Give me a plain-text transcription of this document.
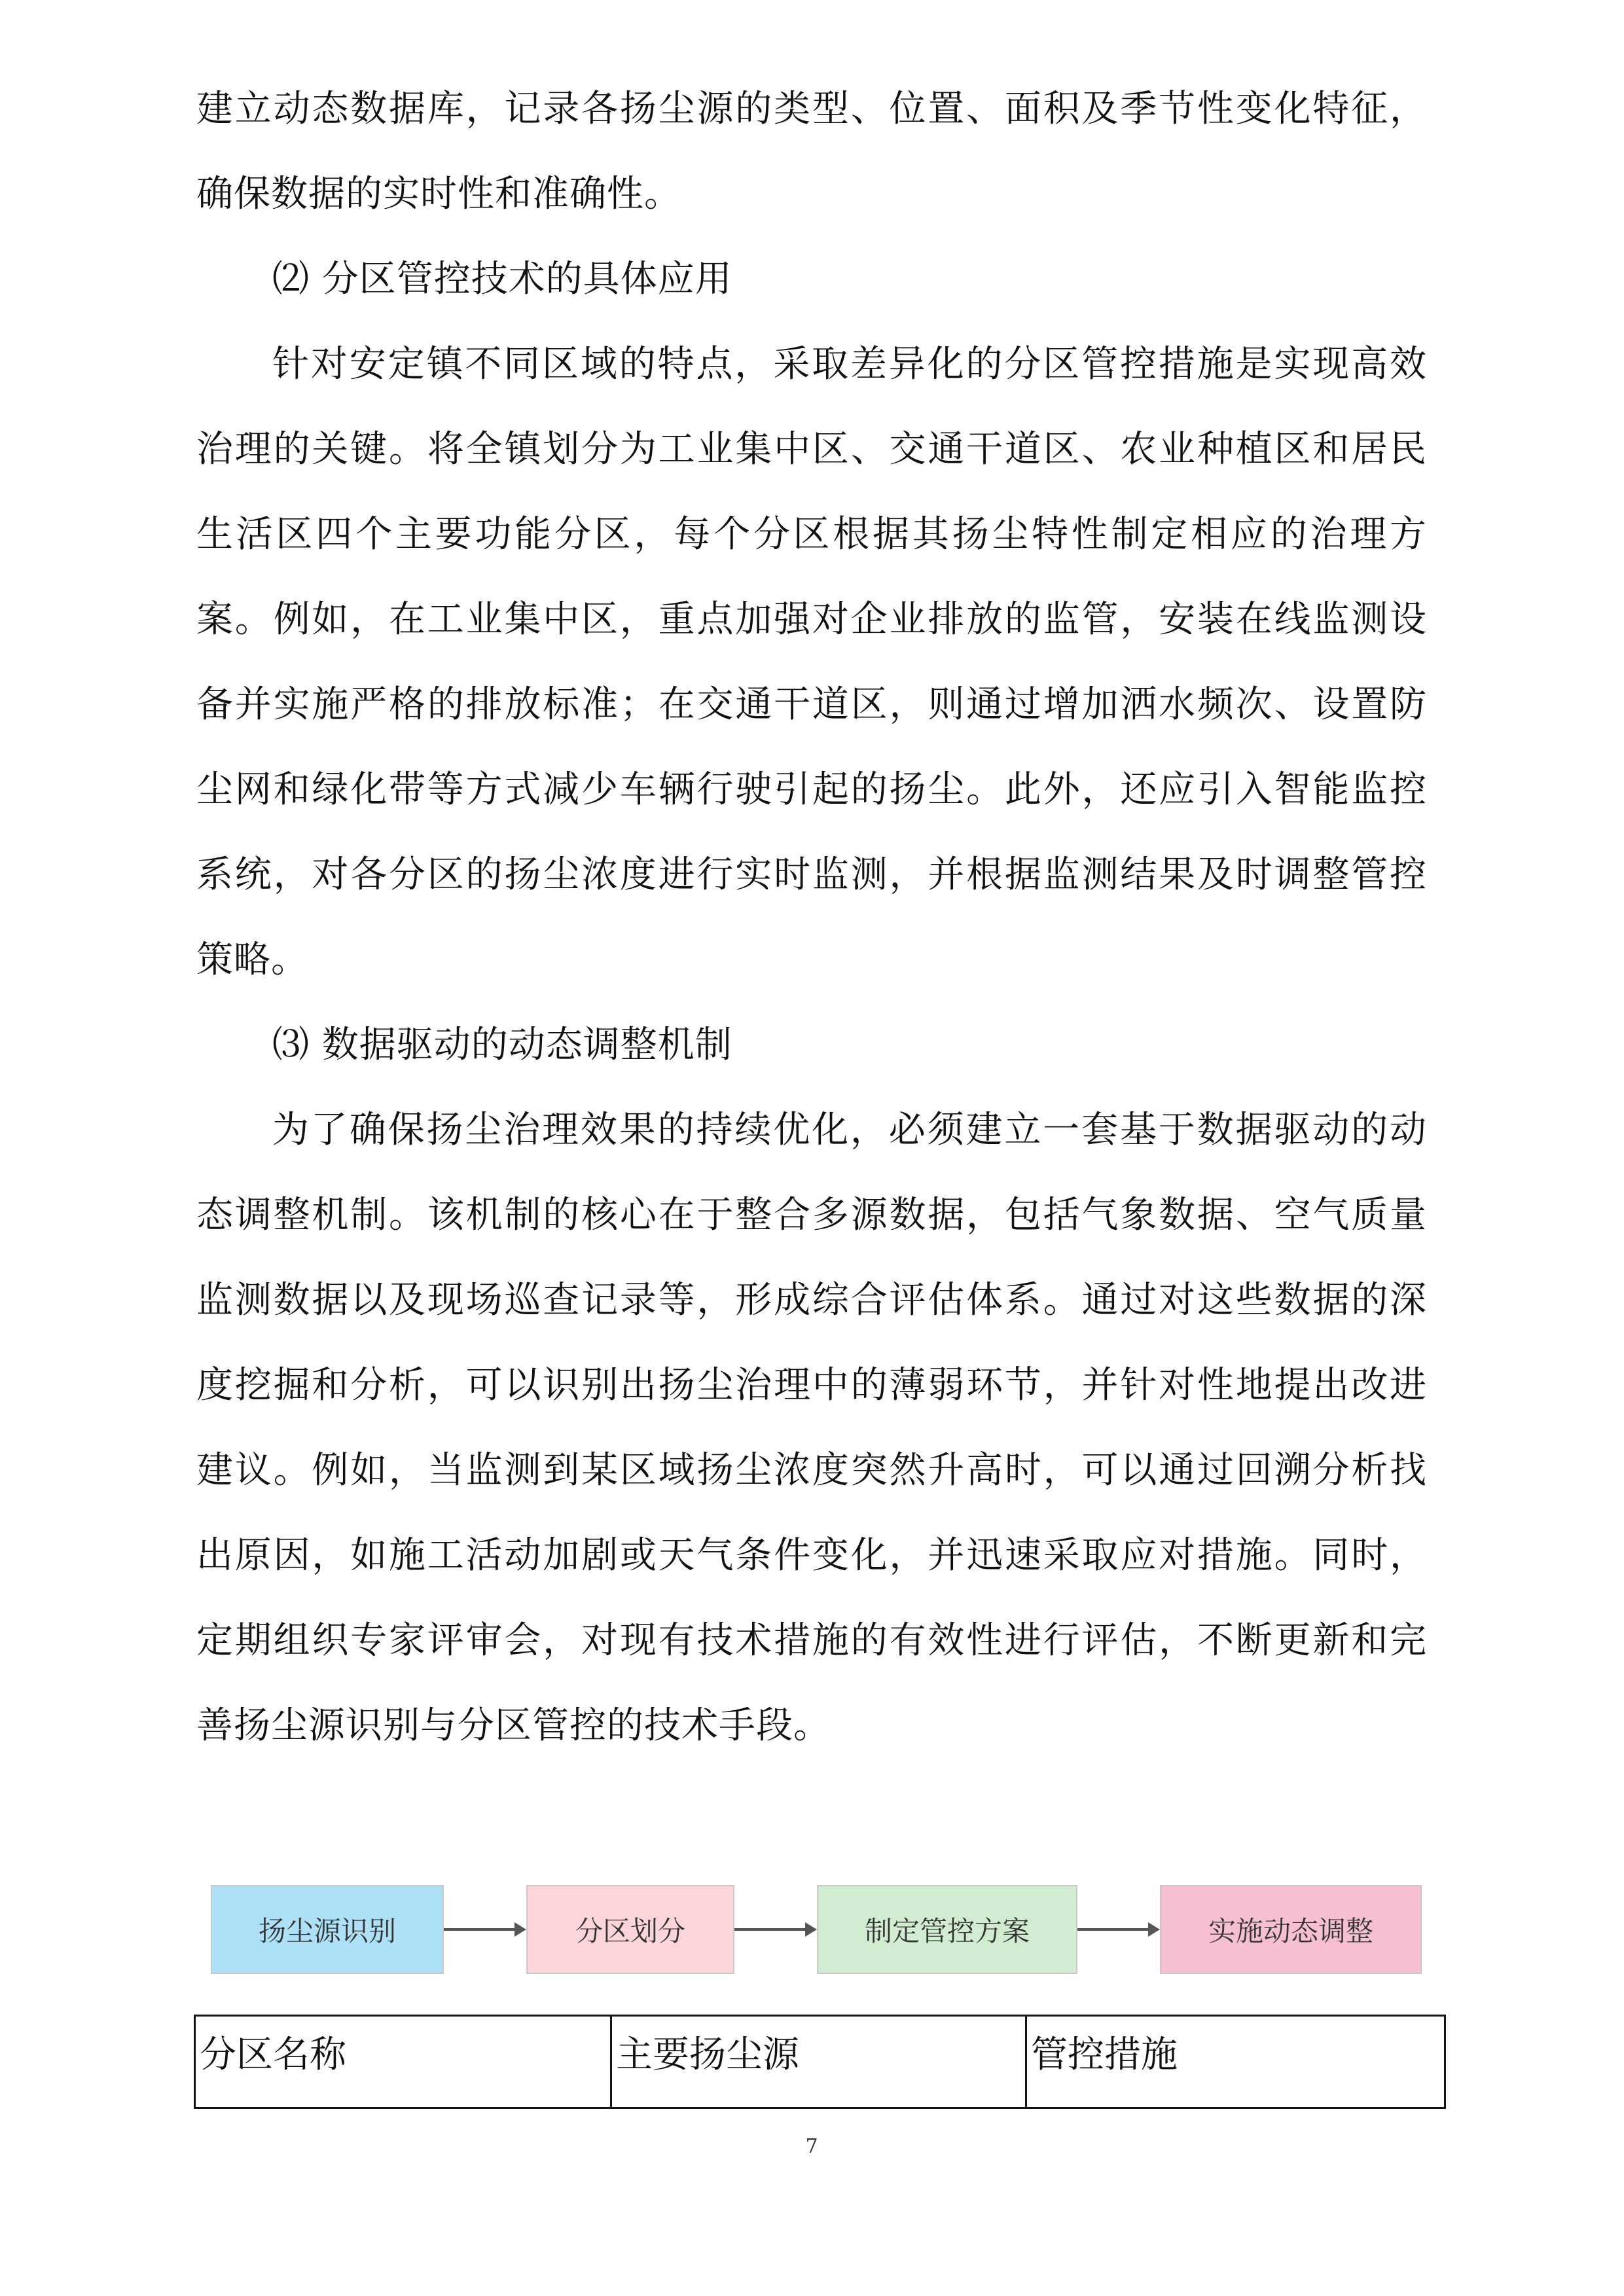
建立动态数据库，记录各扬尘源的类型、位置、面积及季节性变化特征，
确保数据的实时性和准确性。
⑵ 分区管控技术的具体应用
针对安定镇不同区域的特点，采取差异化的分区管控措施是实现高效
治理的关键。将全镇划分为工业集中区、交通干道区、农业种植区和居民
生活区四个主要功能分区，每个分区根据其扬尘特性制定相应的治理方
案。例如，在工业集中区，重点加强对企业排放的监管，安装在线监测设
备并实施严格的排放标准；在交通干道区，则通过增加洒水频次、设置防
尘网和绿化带等方式减少车辆行驶引起的扬尘。此外，还应引入智能监控
系统，对各分区的扬尘浓度进行实时监测，并根据监测结果及时调整管控
策略。
⑶ 数据驱动的动态调整机制
为了确保扬尘治理效果的持续优化，必须建立一套基于数据驱动的动
态调整机制。该机制的核心在于整合多源数据，包括气象数据、空气质量
监测数据以及现场巡查记录等，形成综合评估体系。通过对这些数据的深
度挖掘和分析，可以识别出扬尘治理中的薄弱环节，并针对性地提出改进
建议。例如，当监测到某区域扬尘浓度突然升高时，可以通过回溯分析找
出原因，如施工活动加剧或天气条件变化，并迅速采取应对措施。同时，
定期组织专家评审会，对现有技术措施的有效性进行评估，不断更新和完
善扬尘源识别与分区管控的技术手段。
扬尘源识别	分区划分	制定管控方案	实施动态调整
分区名称	主要扬尘源	管控措施
7
